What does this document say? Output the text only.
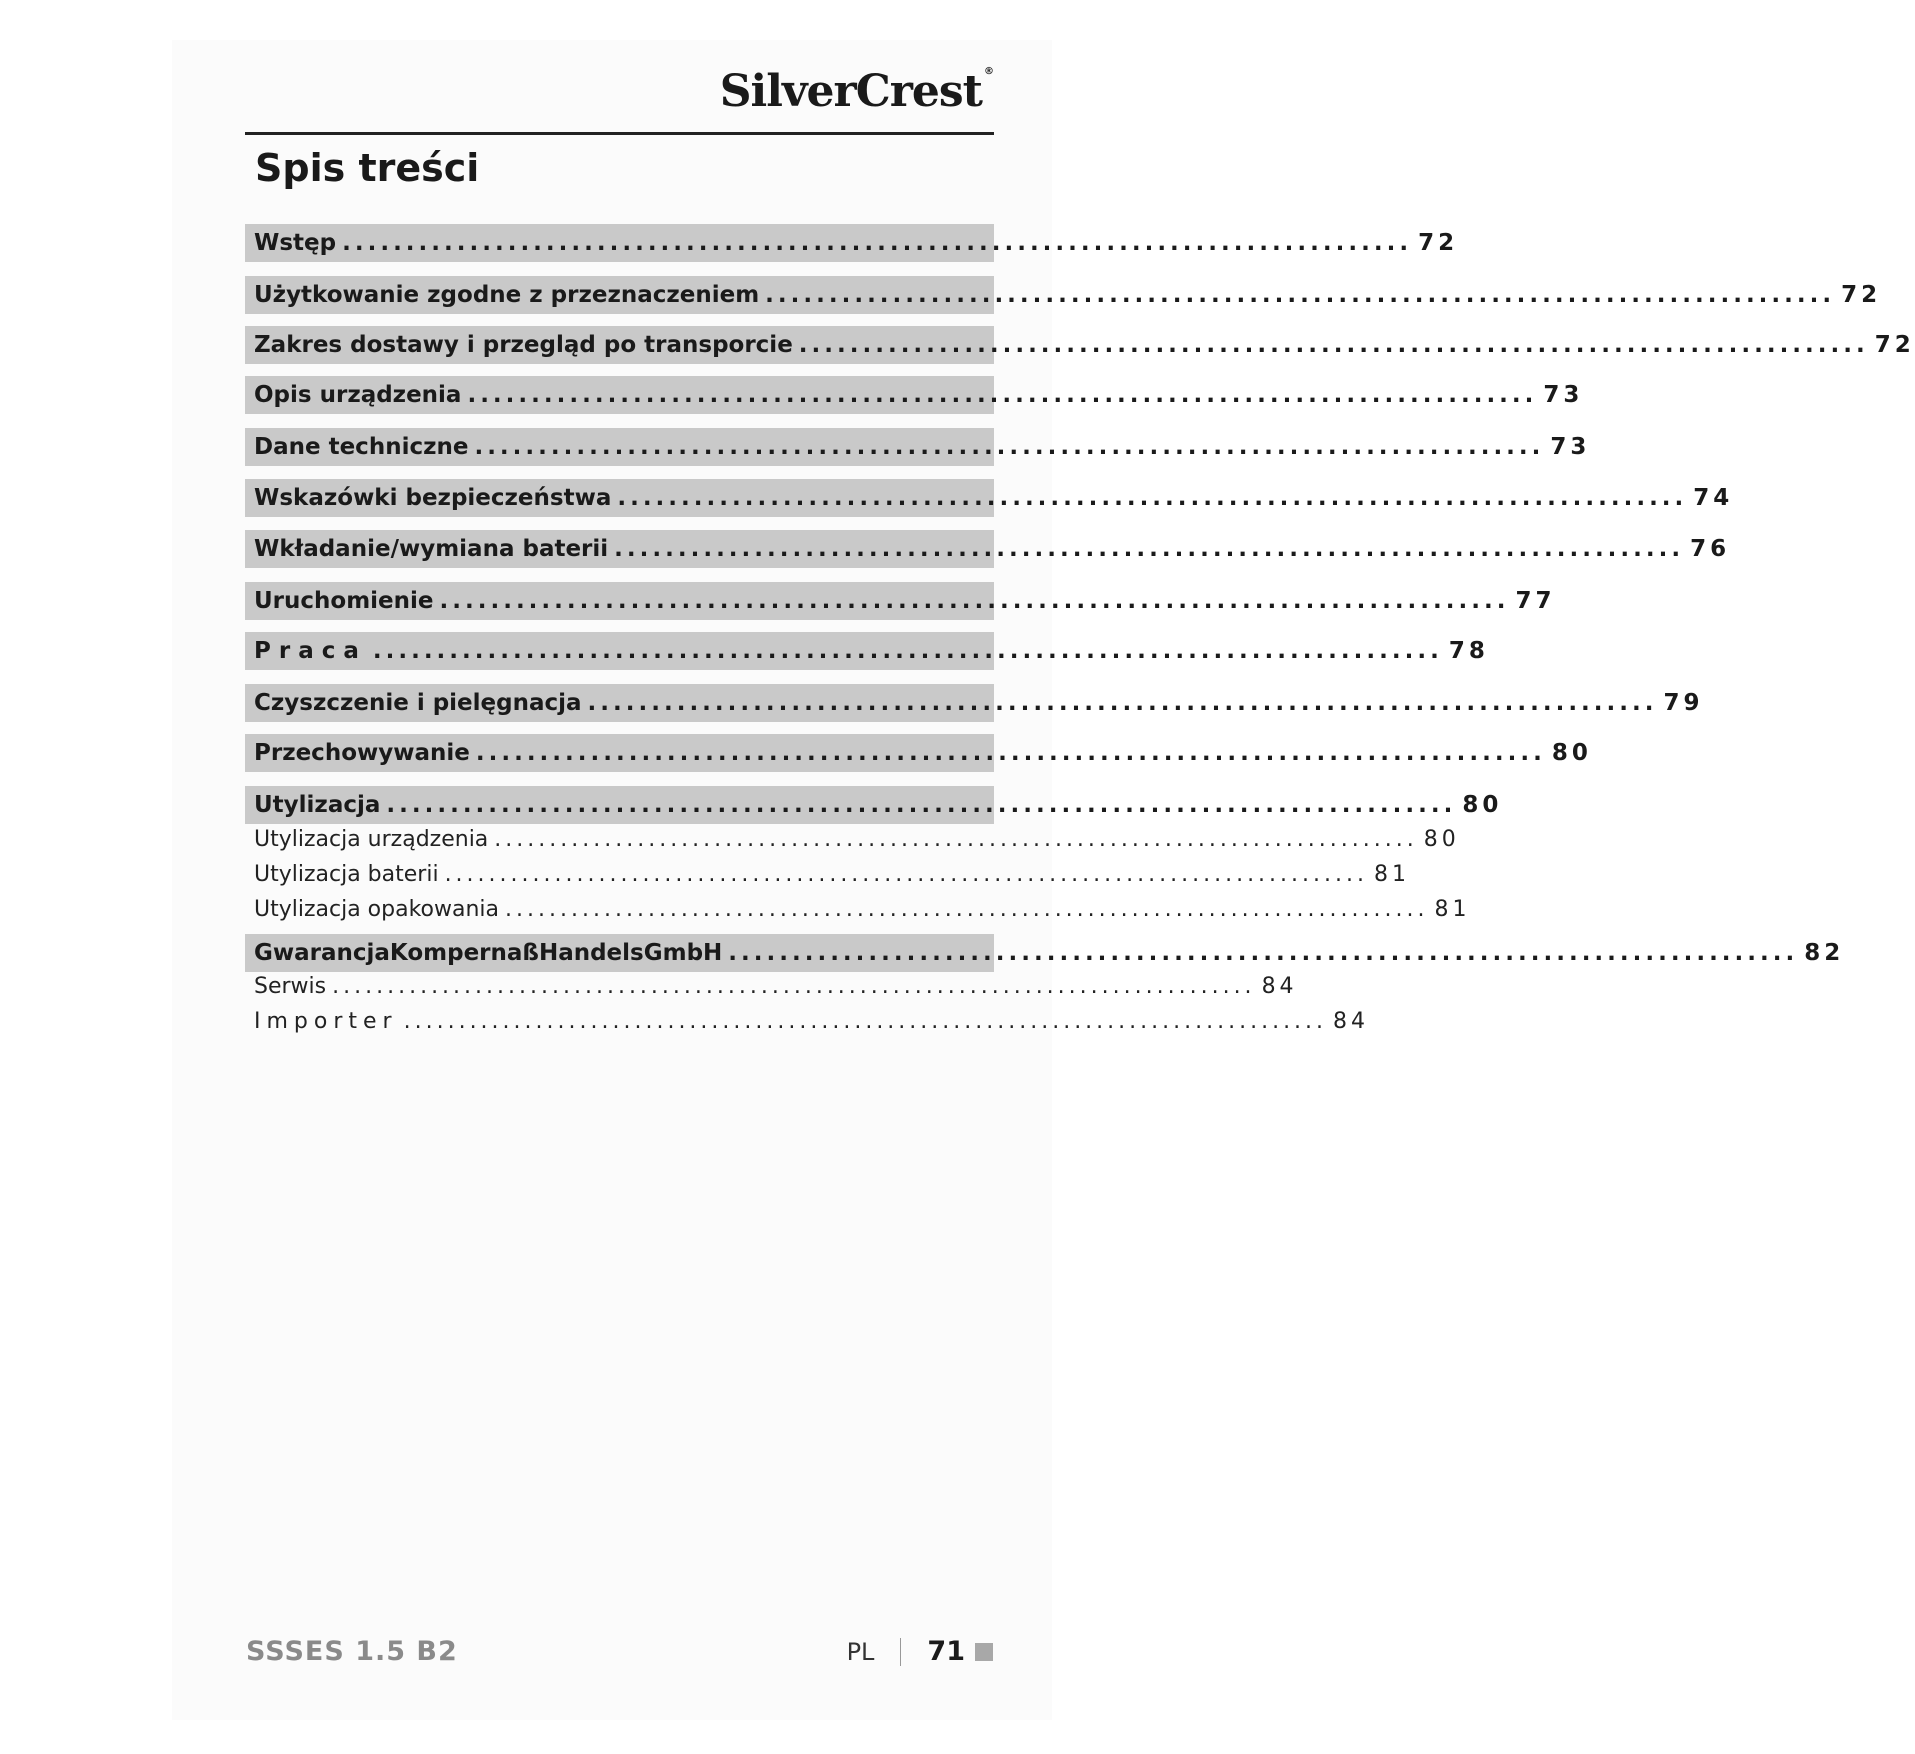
SilverCrest ®
Spis treści
Wstęp .................................................................................... 72
Użytkowanie zgodne z przeznaczeniem .................................................................................... 72
Zakres dostawy i przegląd po transporcie .................................................................................... 72
Opis urządzenia .................................................................................... 73
Dane techniczne .................................................................................... 73
Wskazówki bezpieczeństwa .................................................................................... 74
Wkładanie/wymiana baterii .................................................................................... 76
Uruchomienie .................................................................................... 77
Praca .................................................................................... 78
Czyszczenie i pielęgnacja .................................................................................... 79
Przechowywanie .................................................................................... 80
Utylizacja .................................................................................... 80
Utylizacja urządzenia .................................................................................... 80
Utylizacja baterii .................................................................................... 81
Utylizacja opakowania .................................................................................... 81
GwarancjaKompernaßHandelsGmbH .................................................................................... 82
Serwis .................................................................................... 84
Importer .................................................................................... 84
SSSES 1.5 B2	PL 71
